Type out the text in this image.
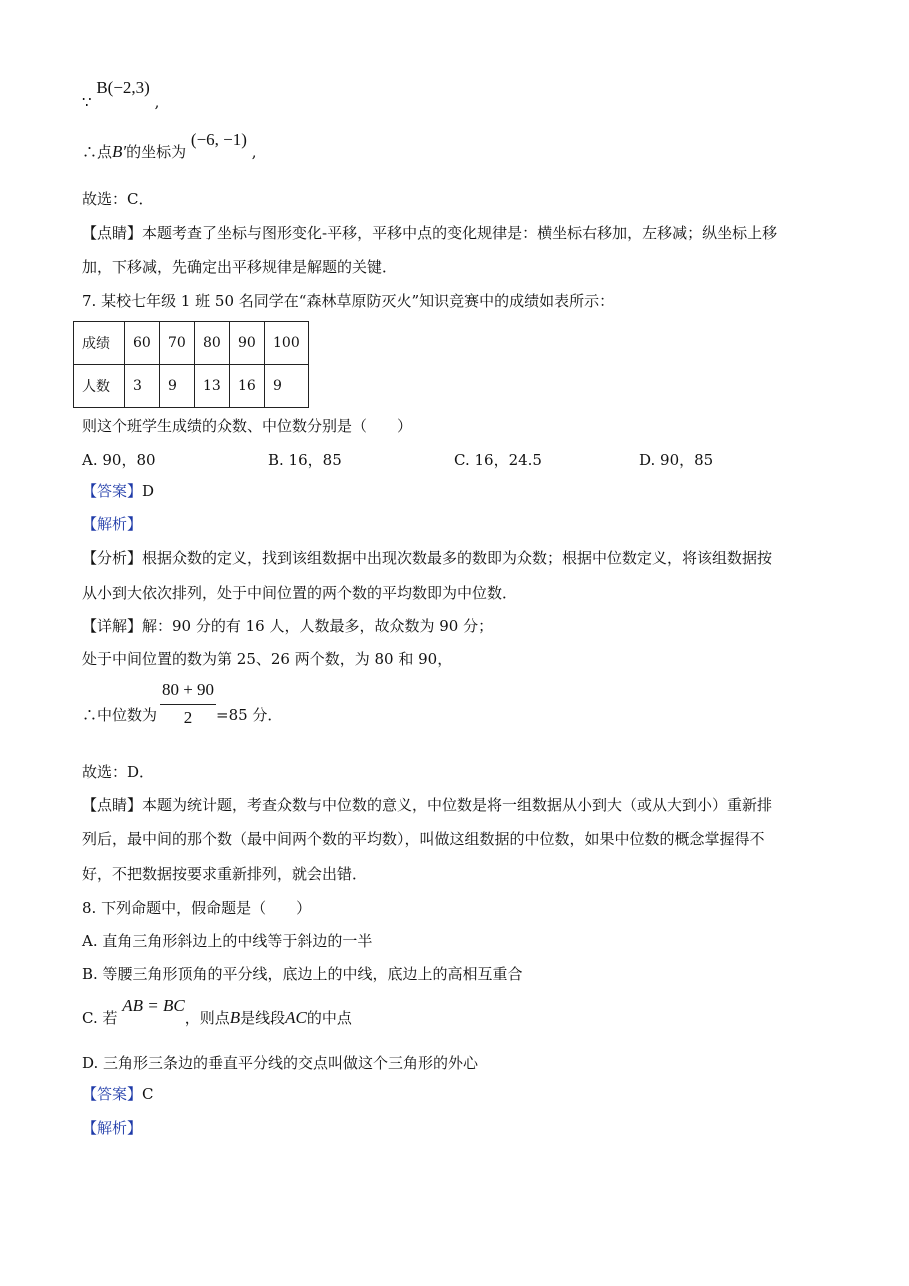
∵ B(−2,3) ,
∴点B′的坐标为 (−6, −1) ,
故选：C．
【点睛】本题考查了坐标与图形变化-平移，平移中点的变化规律是：横坐标右移加，左移减；纵坐标上移
加，下移减，先确定出平移规律是解题的关键．
7. 某校七年级 1 班 50 名同学在“森林草原防灭火”知识竞赛中的成绩如表所示：
成绩	60	70	80	90	100
人数	3	9	13	16	9
则这个班学生成绩的众数、中位数分别是（　　）
A. 90，80	B. 16，85	C. 16，24.5	D. 90，85
【答案】D
【解析】
【分析】根据众数的定义，找到该组数据中出现次数最多的数即为众数；根据中位数定义，将该组数据按
从小到大依次排列，处于中间位置的两个数的平均数即为中位数．
【详解】解：90 分的有 16 人，人数最多，故众数为 90 分；
处于中间位置的数为第 25、26 两个数，为 80 和 90，
∴中位数为
80 + 90
2	=85 分．
故选：D．
【点睛】本题为统计题，考查众数与中位数的意义，中位数是将一组数据从小到大（或从大到小）重新排
列后，最中间的那个数（最中间两个数的平均数），叫做这组数据的中位数，如果中位数的概念掌握得不
好，不把数据按要求重新排列，就会出错．
8. 下列命题中，假命题是（　　）
A. 直角三角形斜边上的中线等于斜边的一半
B. 等腰三角形顶角的平分线，底边上的中线，底边上的高相互重合
C. 若 AB = BC，则点B是线段AC的中点
D. 三角形三条边的垂直平分线的交点叫做这个三角形的外心
【答案】C
【解析】
